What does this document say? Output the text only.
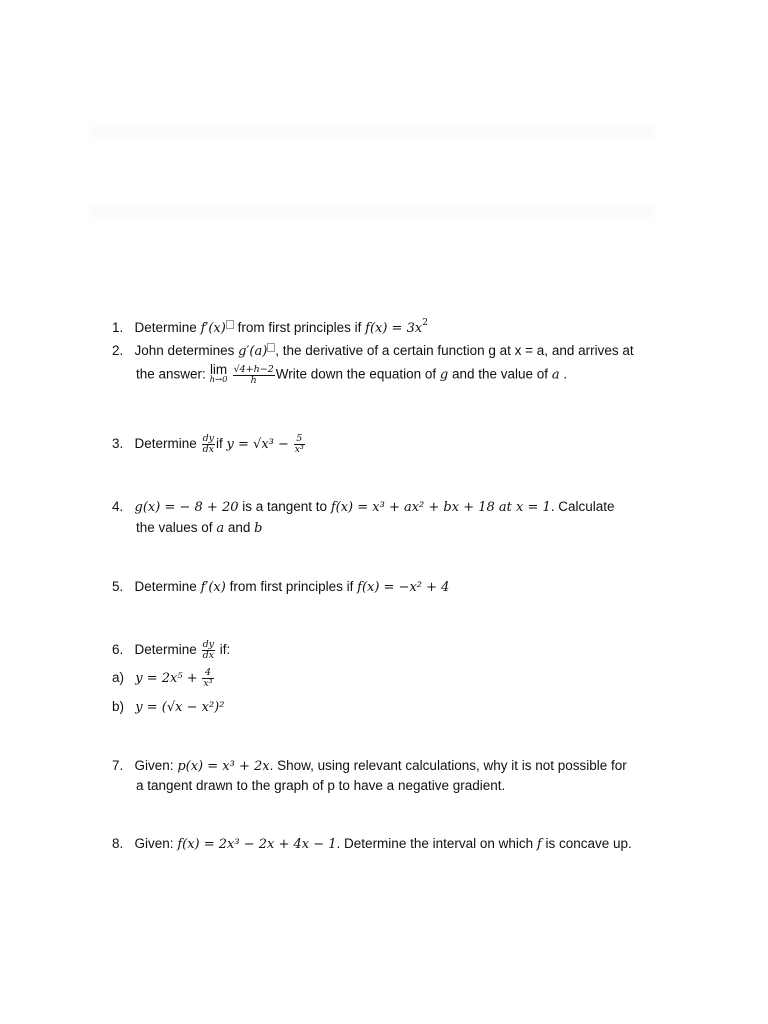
1. Determine f′(x) from first principles if $f(x) = 3x^2$
2. John determines g′(a) , the derivative of a certain function g at x = a, and arrives at
the answer: lim
$h\to 0 \frac{√4+h-2}{h}$ Write down the equation of g and the value of a .
3. Determine $\frac{dy}{dx}$ if $y = √x^3 - \frac{5}{\text{x³}}$
4. g(x) = − 8 + 20 is a tangent to f(x) = x³ + ax² + bx + 18 at x = 1. Calculate
the values of a and b
5. Determine f′(x) from first principles if f(x) = −x² + 4
6. Determine $\frac{dy}{dx}$ if:
a) $y = 2x^5 + \frac{4}{\text{x³}}$
b) y = (√x − x²)²
7. Given: p(x) = x³ + 2x. Show, using relevant calculations, why it is not possible for
a tangent drawn to the graph of p to have a negative gradient.
8. Given: f(x) = 2x³ − 2x + 4x − 1. Determine the interval on which f is concave up.
